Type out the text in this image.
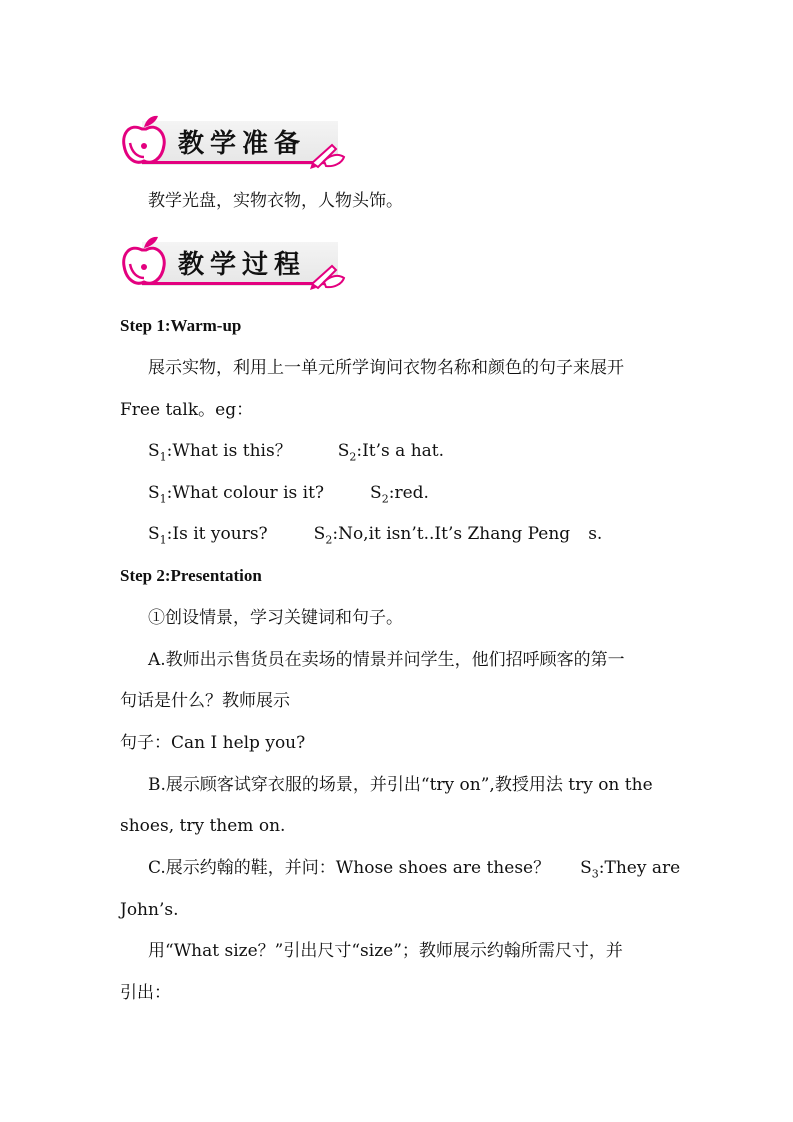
教学准备
教学光盘，实物衣物，人物头饰。
教学过程
Step 1:Warm-up
展示实物，利用上一单元所学询问衣物名称和颜色的句子来展开
Free talk。eg：
$S_1:What$ is this？	$S_2:It’s$ a hat.
$S_1:What$ colour is it?	$S_2:red$.
$S_1:Is$ it yours?	$S_2:No,it$ isn’t..It’s Zhang Peng s.
Step 2:Presentation
①创设情景，学习关键词和句子。
A.教师出示售货员在卖场的情景并问学生，他们招呼顾客的第一
句话是什么？教师展示
句子：Can I help you?
B.展示顾客试穿衣服的场景，并引出“try on”,教授用法 try on the
shoes, try them on.
C.展示约翰的鞋，并问：Whose shoes are these？ $S_3:They$ are
John’s.
用“What size？”引出尺寸“size”；教师展示约翰所需尺寸，并
引出：
